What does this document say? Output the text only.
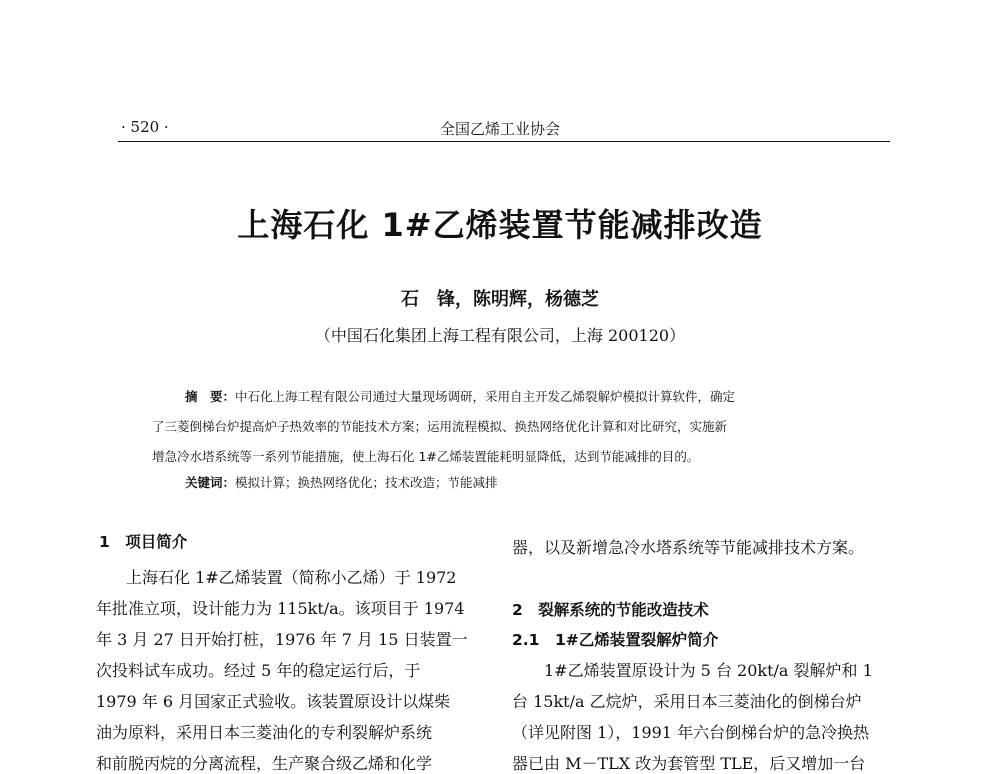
· 520 ·	全国乙烯工业协会
上海石化 1#乙烯装置节能减排改造
石　锋，陈明辉，杨德芝
（中国石化集团上海工程有限公司，上海 200120）
摘　要：中石化上海工程有限公司通过大量现场调研，采用自主开发乙烯裂解炉模拟计算软件，确定
了三菱倒梯台炉提高炉子热效率的节能技术方案；运用流程模拟、换热网络优化计算和对比研究，实施新
增急冷水塔系统等一系列节能措施，使上海石化 1#乙烯装置能耗明显降低，达到节能减排的目的。
关键词：模拟计算；换热网络优化；技术改造；节能减排
1　项目简介
上海石化 1#乙烯装置（简称小乙烯）于 1972
年批准立项，设计能力为 115kt/a。该项目于 1974
年 3 月 27 日开始打桩，1976 年 7 月 15 日装置一
次投料试车成功。经过 5 年的稳定运行后，于
1979 年 6 月国家正式验收。该装置原设计以煤柴
油为原料，采用日本三菱油化的专利裂解炉系统
和前脱丙烷的分离流程，生产聚合级乙烯和化学
器，以及新增急冷水塔系统等节能减排技术方案。
2　裂解系统的节能改造技术
2.1　1#乙烯装置裂解炉简介
1#乙烯装置原设计为 5 台 20kt/a 裂解炉和 1
台 15kt/a 乙烷炉，采用日本三菱油化的倒梯台炉
（详见附图 1），1991 年六台倒梯台炉的急冷换热
器已由 M－TLX 改为套管型 TLE，后又增加一台
